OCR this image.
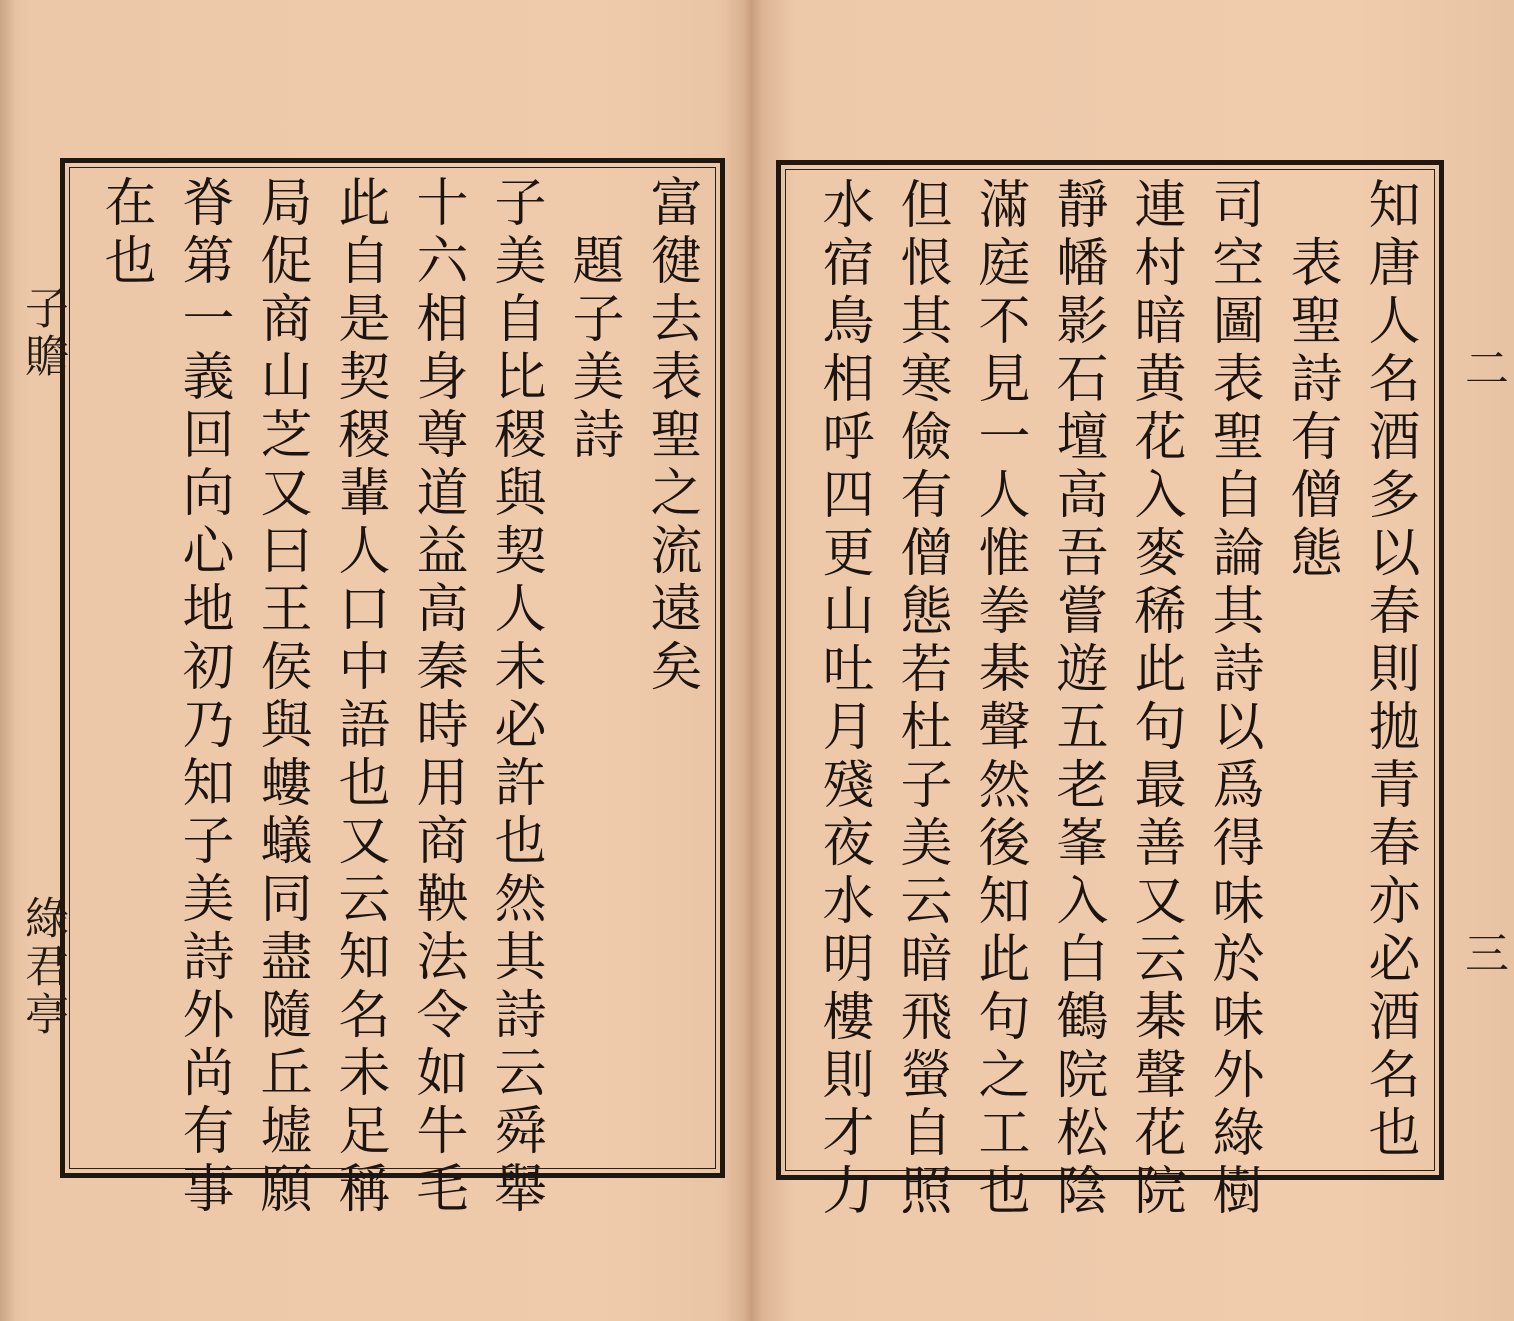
富徤去表聖之流遠矣
　題子美詩
子美自比稷與契人未必許也然其詩云舜舉
十六相身尊道益高秦時用商鞅法令如牛毛
此自是契稷輩人口中語也又云知名未足稱
局促商山芝又曰王侯與螻蟻同盡隨丘墟願
脊第一義回向心地初乃知子美詩外尚有事
在也
子贍
綠君亭	知唐人名酒多以春則拋青春亦必酒名也
　表聖詩有僧態
司空圖表聖自論其詩以爲得味於味外綠樹
連村暗黄花入麥稀此句最善又云棊聲花院
靜幡影石壇高吾嘗遊五老峯入白鶴院松陰
滿庭不見一人惟拳棊聲然後知此句之工也
但恨其寒儉有僧態若杜子美云暗飛螢自照
水宿鳥相呼四更山吐月殘夜水明樓則才力	二
三
